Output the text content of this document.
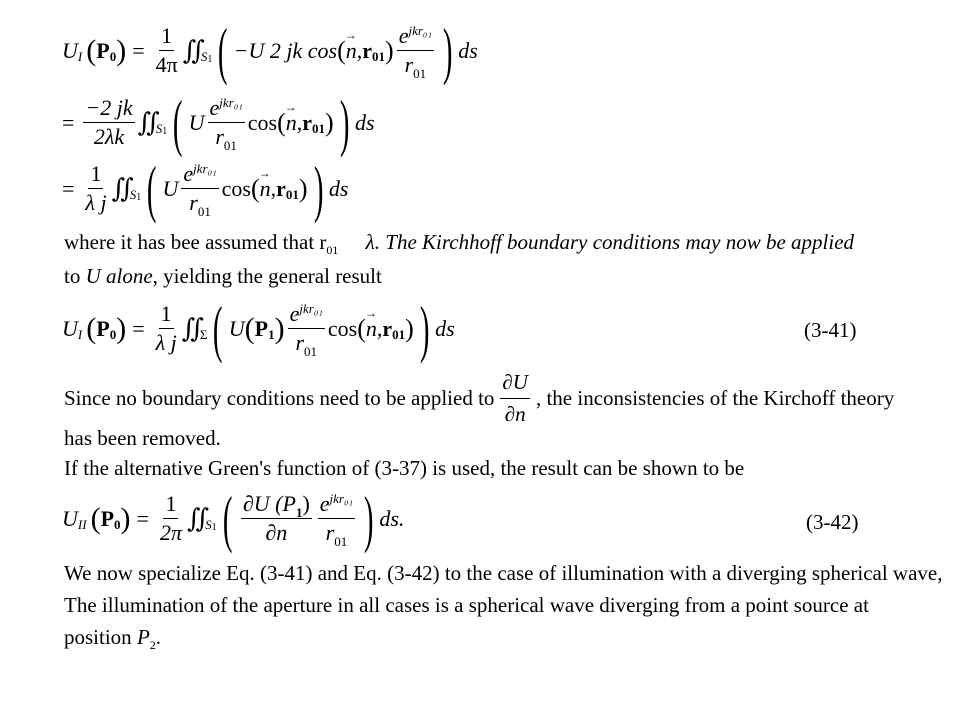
U I ( P 0 ) = $\frac{1}{4\pi}$ ∬ S 1 ( −U 2 jk cos ( → n , r 01 ) $\frac{e^{jkr_{01}}}{r_{01}}$ ) ds
= $\frac{-2 jk}{2\lambda k}$ ∬ S 1 ( U $\frac{e^{jkr_{01}}}{r_{01}}$ cos ( → n , r 01 ) ) ds
= $\frac{1}{\text{λ j}}$ ∬ S 1 ( U $\frac{e^{jkr_{01}}}{r_{01}}$ cos ( → n , r 01 ) ) ds
where it has bee assumed that $r_{01}$ λ. The Kirchhoff boundary conditions may now be applied
to U alone, yielding the general result
U I ( P 0 ) = $\frac{1}{\text{λ j}}$ ∬ Σ ( U ( P 1 ) $\frac{e^{jkr_{01}}}{r_{01}}$ cos ( → n , r 01 ) ) ds	(3-41)
Since no boundary conditions need to be applied to $\frac{\partial U}{\partial n}$ , the inconsistencies of the Kirchoff theory
has been removed.
If the alternative Green's function of (3-37) is used, the result can be shown to be
U II ( P 0 ) = $\frac{1}{2\pi}$ ∬ S 1 ( $\frac{\partial U (P_1)}{\partial n} \frac{e^{jkr_{01}}}{r_{01}}$ ) ds.	(3-42)
We now specialize Eq. (3-41) and Eq. (3-42) to the case of illumination with a diverging spherical wave,
The illumination of the aperture in all cases is a spherical wave diverging from a point source at
position $P_2$.
